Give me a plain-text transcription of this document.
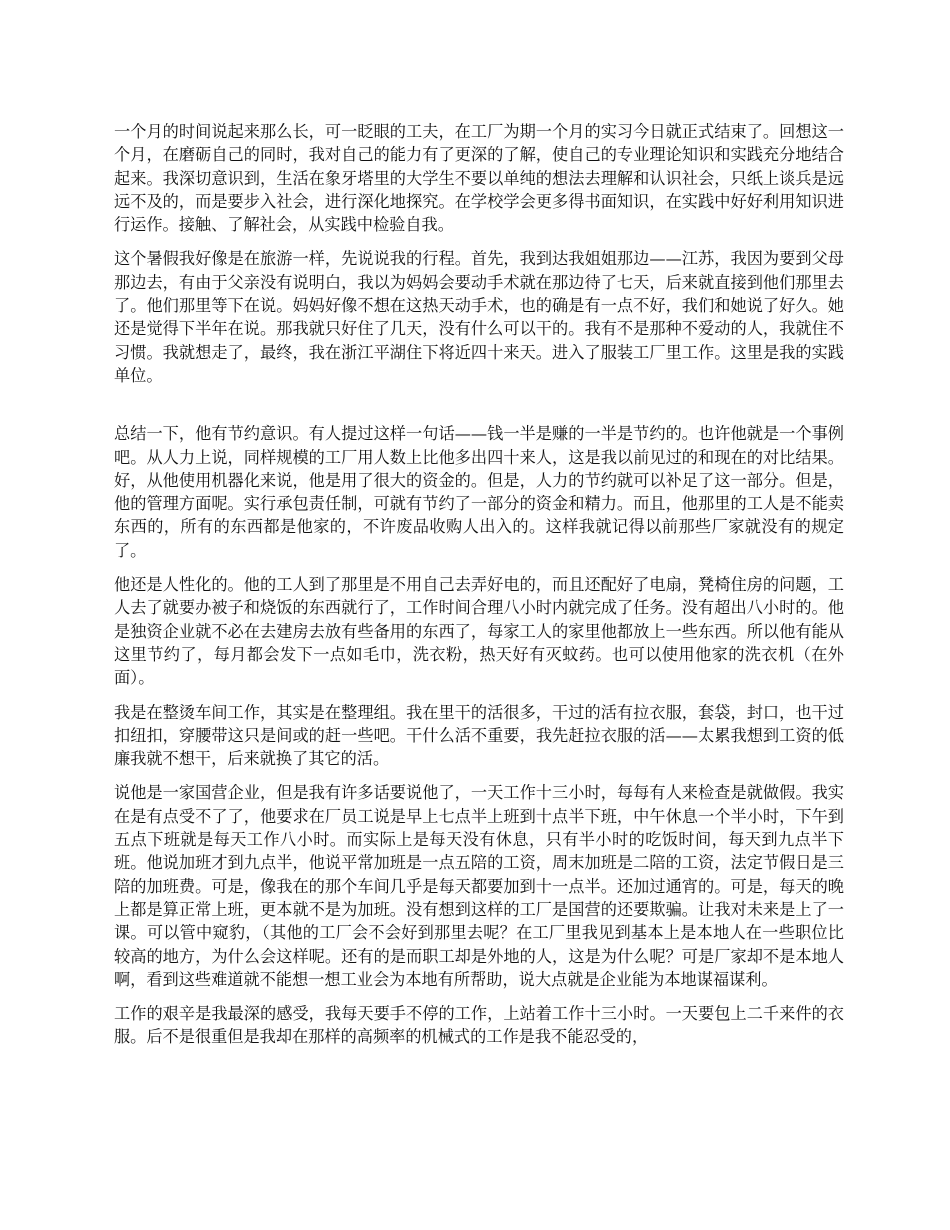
一个月的时间说起来那么长，可一眨眼的工夫，在工厂为期一个月的实习今日就正式结束了。回想这一个月，在磨砺自己的同时，我对自己的能力有了更深的了解，使自己的专业理论知识和实践充分地结合起来。我深切意识到，生活在象牙塔里的大学生不要以单纯的想法去理解和认识社会，只纸上谈兵是远远不及的，而是要步入社会，进行深化地探究。在学校学会更多得书面知识，在实践中好好利用知识进行运作。接触、了解社会，从实践中检验自我。

这个暑假我好像是在旅游一样，先说说我的行程。首先，我到达我姐姐那边——江苏，我因为要到父母那边去，有由于父亲没有说明白，我以为妈妈会要动手术就在那边待了七天，后来就直接到他们那里去了。他们那里等下在说。妈妈好像不想在这热天动手术，也的确是有一点不好，我们和她说了好久。她还是觉得下半年在说。那我就只好住了几天，没有什么可以干的。我有不是那种不爱动的人，我就住不习惯。我就想走了，最终，我在浙江平湖住下将近四十来天。进入了服装工厂里工作。这里是我的实践单位。

总结一下，他有节约意识。有人提过这样一句话——钱一半是赚的一半是节约的。也许他就是一个事例吧。从人力上说，同样规模的工厂用人数上比他多出四十来人，这是我以前见过的和现在的对比结果。好，从他使用机器化来说，他是用了很大的资金的。但是，人力的节约就可以补足了这一部分。但是，他的管理方面呢。实行承包责任制，可就有节约了一部分的资金和精力。而且，他那里的工人是不能卖东西的，所有的东西都是他家的，不许废品收购人出入的。这样我就记得以前那些厂家就没有的规定了。

他还是人性化的。他的工人到了那里是不用自己去弄好电的，而且还配好了电扇，凳椅住房的问题，工人去了就要办被子和烧饭的东西就行了，工作时间合理八小时内就完成了任务。没有超出八小时的。他是独资企业就不必在去建房去放有些备用的东西了，每家工人的家里他都放上一些东西。所以他有能从这里节约了，每月都会发下一点如毛巾，洗衣粉，热天好有灭蚊药。也可以使用他家的洗衣机（在外面）。

我是在整烫车间工作，其实是在整理组。我在里干的活很多，干过的活有拉衣服，套袋，封口，也干过扣纽扣，穿腰带这只是间或的赶一些吧。干什么活不重要，我先赶拉衣服的活——太累我想到工资的低廉我就不想干，后来就换了其它的活。

说他是一家国营企业，但是我有许多话要说他了，一天工作十三小时，每每有人来检查是就做假。我实在是有点受不了了，他要求在厂员工说是早上七点半上班到十点半下班，中午休息一个半小时，下午到五点下班就是每天工作八小时。而实际上是每天没有休息，只有半小时的吃饭时间，每天到九点半下班。他说加班才到九点半，他说平常加班是一点五陪的工资，周末加班是二陪的工资，法定节假日是三陪的加班费。可是，像我在的那个车间几乎是每天都要加到十一点半。还加过通宵的。可是，每天的晚上都是算正常上班，更本就不是为加班。没有想到这样的工厂是国营的还要欺骗。让我对未来是上了一课。可以管中窥豹，（其他的工厂会不会好到那里去呢？在工厂里我见到基本上是本地人在一些职位比较高的地方，为什么会这样呢。还有的是而职工却是外地的人，这是为什么呢？可是厂家却不是本地人啊，看到这些难道就不能想一想工业会为本地有所帮助，说大点就是企业能为本地谋福谋利。

工作的艰辛是我最深的感受，我每天要手不停的工作，上站着工作十三小时。一天要包上二千来件的衣服。后不是很重但是我却在那样的高频率的机械式的工作是我不能忍受的，
